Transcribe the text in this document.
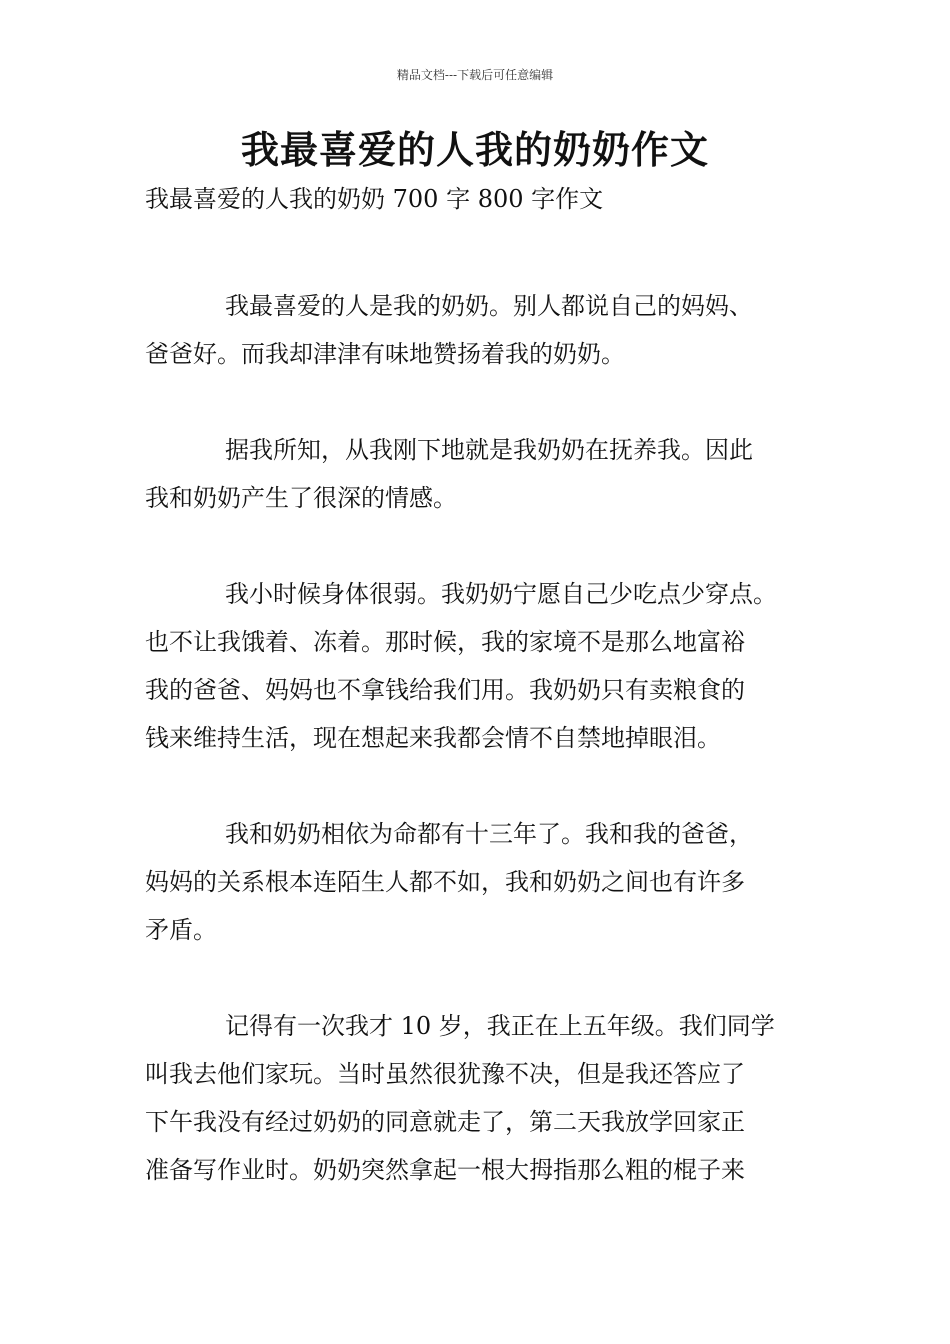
精品文档---下载后可任意编辑
我最喜爱的人我的奶奶作文
我最喜爱的人我的奶奶 700 字 800 字作文
我最喜爱的人是我的奶奶。别人都说自己的妈妈、
爸爸好。而我却津津有味地赞扬着我的奶奶。
据我所知，从我刚下地就是我奶奶在抚养我。因此
我和奶奶产生了很深的情感。
我小时候身体很弱。我奶奶宁愿自己少吃点少穿点。
也不让我饿着、冻着。那时候，我的家境不是那么地富裕
我的爸爸、妈妈也不拿钱给我们用。我奶奶只有卖粮食的
钱来维持生活，现在想起来我都会情不自禁地掉眼泪。
我和奶奶相依为命都有十三年了。我和我的爸爸，
妈妈的关系根本连陌生人都不如，我和奶奶之间也有许多
矛盾。
记得有一次我才 10 岁，我正在上五年级。我们同学
叫我去他们家玩。当时虽然很犹豫不决，但是我还答应了
下午我没有经过奶奶的同意就走了，第二天我放学回家正
准备写作业时。奶奶突然拿起一根大拇指那么粗的棍子来
